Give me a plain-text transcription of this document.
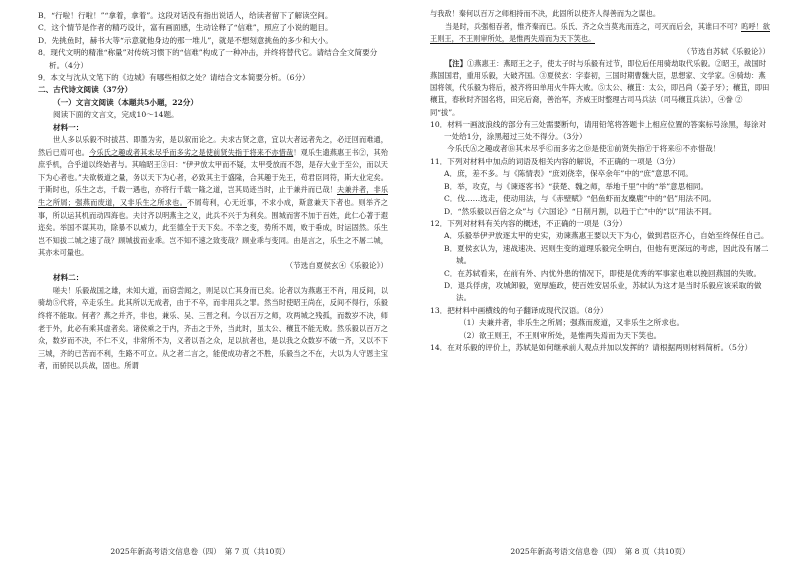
B．“行啦！行啦！”“拿着，拿着”。这段对话没有指出说话人，给读者留下了解读空间。

C．这个情节是作者的精巧设计，富有画面感，生动诠释了“信难”，照应了小说的题目。

D．先挑鱼时，赫书大等“示意就他身边的那一堆儿”，就是不想刻意挑鱼的多少和大小。

8．现代文明的精准“称量”对传统习惯下的“信难”构成了一种冲击，并终将替代它。请结合全文简要分析。（4分）

9．本文与沈从文笔下的《边城》有哪些相似之处？请结合文本简要分析。（6分）

二、古代诗文阅读（37分）

（一）文言文阅读（本题共5小题，22分）

阅读下面的文言文，完成10～14题。

材料一：

世人多以乐毅不时拔莒、即墨为劣，是以叙而论之。夫求古贤之意，宜以大者远者先之，必迂回而难通，然后已焉可也。今乐氏之趣或者其未尽乎而多劣之是使前贤失指于将来不亦惜哉！观乐生遗燕惠王书②，其殆庶乎机，合乎道以终始者与。其喻昭王③曰：“伊尹放太甲而不疑，太甲受放而不怨，是存大业于至公，而以天下为心者也。”夫欲极道之量，务以天下为心者，必致其主于盛隆，合其趣于先王，苟君臣同符，斯大业定矣。于斯时也，乐生之志，千载一遇也，亦将行千载一隆之道，岂其局迹当时，止于兼并而已哉！夫兼并者，非乐生之所屑；强燕而废道，又非乐生之所求也。不屑苟利，心无近事，不求小成，斯意兼天下者也。则举齐之事，所以运其机而动四海也。夫讨齐以明燕主之义，此兵不兴于为利矣。围城而害不加于百姓，此仁心著于遐迩矣。举国不谋其功，除暴不以威力，此至德全于天下矣。不幸之变，势所不周，败于垂成，时运固然。乐生岂不知拔二城之速了哉？顾城拔而业乖。岂不知不速之致变哉？顾业乖与变同。由是言之，乐生之不屠二城，其亦未可量也。

（节选自夏侯玄④《乐毅论》）

材料二：

嗟夫！乐毅战国之雄，未知大道，而窃尝闻之，则足以亡其身而已矣。论者以为燕惠王不肖，用反间，以骑劫⑤代将，卒走乐生。此其所以无成者，由于不卒，而非用兵之罪。然当时使昭王尚在，反间不得行，乐毅终将不能取。何者？燕之并齐，非也，兼乐、吴、三晋之利。今以百万之师，攻两城之残孤，而数岁不决，师老于外，此必有乘其虚者矣。诸侯乘之于内，齐击之于外，当此时，虽太公、穰苴不能无败。然乐毅以百万之众，数岁而不决，不仁不义，非常所不为，义者以吾之众，足以抗者也，是以我之众数岁不破一齐，又以不下三城，齐的已苦而不利，生路不可立。从之者二言之，能使成功者之不胜，乐毅当之不在，大以为人守恩主宝者，而骄民以兵战，固也。所谓

2025年新高考语文信息卷（四）　第 7 页（共10页）

与我敌！秦何以百万之师相持而不决，此固所以使齐人得善而为之谋也。

当是时，兵强相吞者，惟齐秦而已。乐氏、齐之众当莫兆而连之，可灭而后会，其谁曰不可？呜呼！欲王则王，不王则审所处，是惟两失焉而为天下笑也。

（节选自苏轼《乐毅论》）

【注】①燕惠王：燕昭王之子，使太子时与乐毅有过节，即位后任用骑劫取代乐毅。②昭王，战国时燕国国君，重用乐毅，大破齐国。③夏侯玄：字泰初，三国时期曹魏大臣，思想家、文学家。④骑劫：燕国将领，代乐毅为将后，被齐将田单用火牛阵大败。⑤太公、穰苴：太公，即吕尚（姜子牙）；穰苴，即田穰苴，春秋时齐国名将，田完后裔，善治军，齐威王时整理古司马兵法（司马穰苴兵法），④誊 ②同“拔”。

10．材料一画波浪线的部分有三处需要断句，请用铅笔将答题卡上相应位置的答案标号涂黑，每涂对一处给1分，涂黑超过三处不得分。（3分）

今乐氏Ⓐ之趣或者Ⓑ其未尽乎Ⓒ而多劣之Ⓓ是使Ⓔ前贤失指Ⓕ于将来Ⓖ不亦惜哉！

11．下列对材料中加点的词语及相关内容的解说，不正确的一项是（3分）

A．庶，差不多。与《陈情表》“庶刘侥幸，保卒余年”中的“庶”意思不同。

B．举，攻克，与《谏逐客书》“获楚、魏之师，举地千里”中的“举”意思相同。

C．伐……选走，使动用法，与《赤壁赋》“侣鱼虾而友麋鹿”中的“侣”用法不同。

D．“然乐毅以百倍之众”与《六国论》“日削月割，以趋于亡”中的“以”用法不同。

12．下列对材料有关内容的概述，不正确的一项是（3分）

A．乐毅举伊尹放逐太甲的史实，劝谏燕惠王要以天下为心，做到君臣齐心，自始至终保任自己。

B．夏侯玄认为，速战速决、迟则生变的道理乐毅完全明白，但他有更深远的考虑，因此没有屠二城。

C．在苏轼看来，在前有外、内忧外患的情况下，即使是优秀的军事家也难以挽回燕国的失败。

D．退兵俘虏，攻城卸毅，宽厚施政，使百姓安居乐业，苏轼认为这才是当时乐毅应该采取的做法。

13．把材料中画横线的句子翻译成现代汉语。（8分）

（1）夫兼并者，非乐生之所屑；强燕而废道，又非乐生之所求也。

（2）欲王则王，不王则审所处，是惟两失焉而为天下笑也。

14．在对乐毅的评价上，苏轼是如何继承前人观点并加以发挥的？请根据两则材料简析。（5分）

2025年新高考语文信息卷（四）　第 8 页（共10页）
